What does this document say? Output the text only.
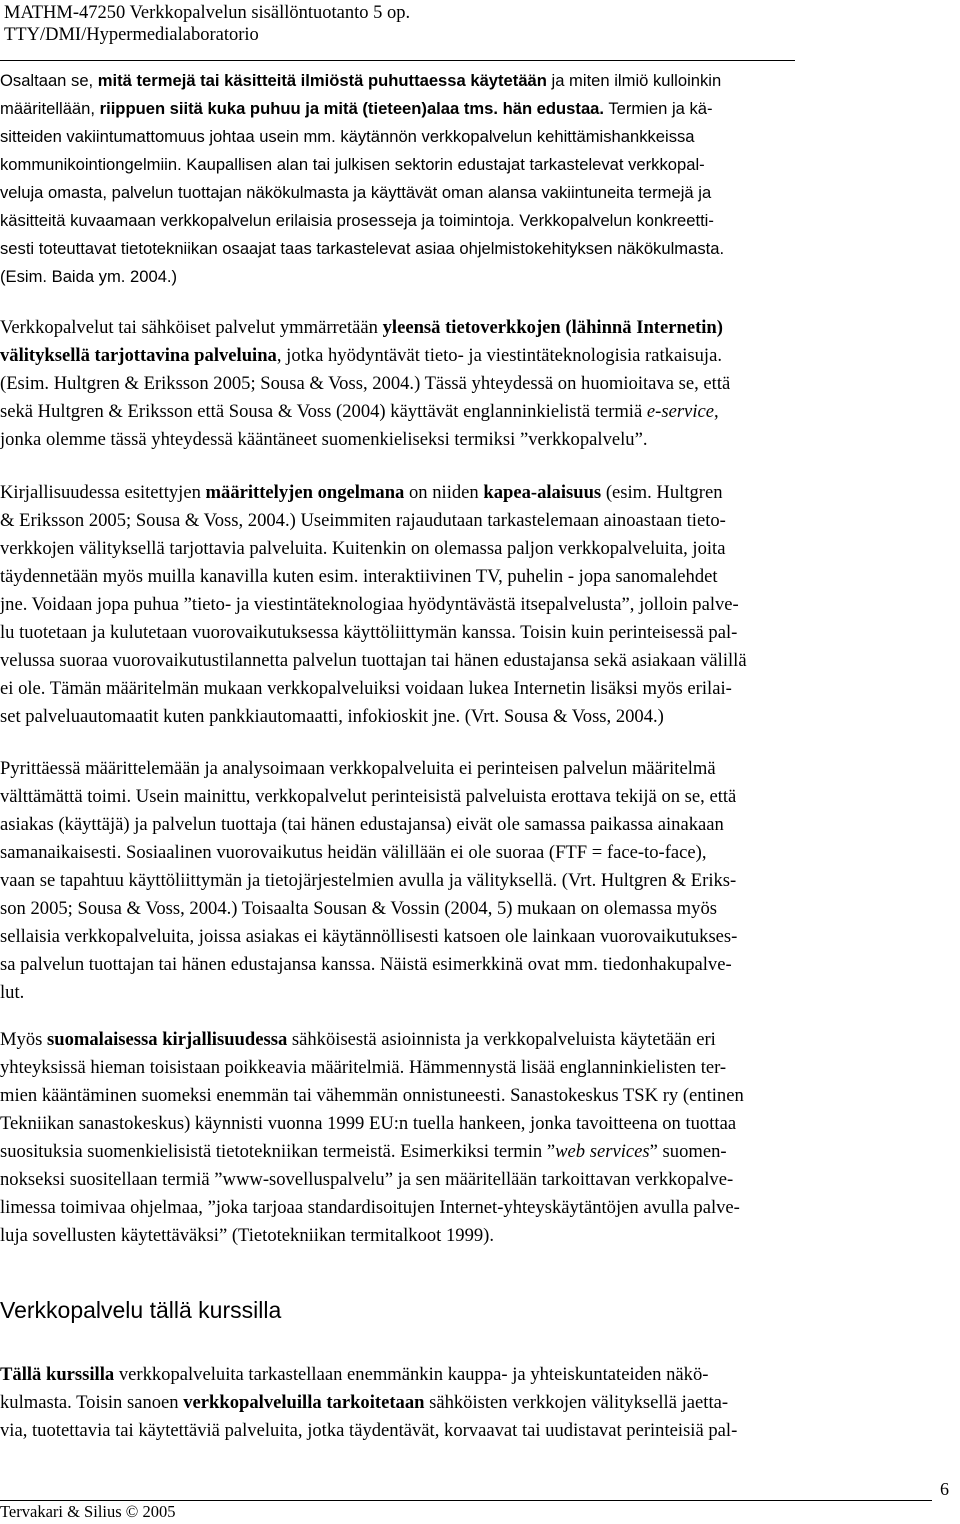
MATHM-47250 Verkkopalvelun sisällöntuotanto 5 op.
TTY/DMI/Hypermedialaboratorio
Osaltaan se, mitä termejä tai käsitteitä ilmiöstä puhuttaessa käytetään ja miten ilmiö kulloinkin
määritellään, riippuen siitä kuka puhuu ja mitä (tieteen)alaa tms. hän edustaa. Termien ja kä-
sitteiden vakiintumattomuus johtaa usein mm. käytännön verkkopalvelun kehittämishankkeissa
kommunikointiongelmiin. Kaupallisen alan tai julkisen sektorin edustajat tarkastelevat verkkopal-
veluja omasta, palvelun tuottajan näkökulmasta ja käyttävät oman alansa vakiintuneita termejä ja
käsitteitä kuvaamaan verkkopalvelun erilaisia prosesseja ja toimintoja. Verkkopalvelun konkreetti-
sesti toteuttavat tietotekniikan osaajat taas tarkastelevat asiaa ohjelmistokehityksen näkökulmasta.
(Esim. Baida ym. 2004.)
Verkkopalvelut tai sähköiset palvelut ymmärretään yleensä tietoverkkojen (lähinnä Internetin)
välityksellä tarjottavina palveluina, jotka hyödyntävät tieto- ja viestintäteknologisia ratkaisuja.
(Esim. Hultgren & Eriksson 2005; Sousa & Voss, 2004.) Tässä yhteydessä on huomioitava se, että
sekä Hultgren & Eriksson että Sousa & Voss (2004) käyttävät englanninkielistä termiä e-service,
jonka olemme tässä yhteydessä kääntäneet suomenkieliseksi termiksi ”verkkopalvelu”.
Kirjallisuudessa esitettyjen määrittelyjen ongelmana on niiden kapea-alaisuus (esim. Hultgren
& Eriksson 2005; Sousa & Voss, 2004.) Useimmiten rajaudutaan tarkastelemaan ainoastaan tieto-
verkkojen välityksellä tarjottavia palveluita. Kuitenkin on olemassa paljon verkkopalveluita, joita
täydennetään myös muilla kanavilla kuten esim. interaktiivinen TV, puhelin - jopa sanomalehdet
jne. Voidaan jopa puhua ”tieto- ja viestintäteknologiaa hyödyntävästä itsepalvelusta”, jolloin palve-
lu tuotetaan ja kulutetaan vuorovaikutuksessa käyttöliittymän kanssa. Toisin kuin perinteisessä pal-
velussa suoraa vuorovaikutustilannetta palvelun tuottajan tai hänen edustajansa sekä asiakaan välillä
ei ole. Tämän määritelmän mukaan verkkopalveluiksi voidaan lukea Internetin lisäksi myös erilai-
set palveluautomaatit kuten pankkiautomaatti, infokioskit jne. (Vrt. Sousa & Voss, 2004.)
Pyrittäessä määrittelemään ja analysoimaan verkkopalveluita ei perinteisen palvelun määritelmä
välttämättä toimi. Usein mainittu, verkkopalvelut perinteisistä palveluista erottava tekijä on se, että
asiakas (käyttäjä) ja palvelun tuottaja (tai hänen edustajansa) eivät ole samassa paikassa ainakaan
samanaikaisesti. Sosiaalinen vuorovaikutus heidän välillään ei ole suoraa (FTF = face-to-face),
vaan se tapahtuu käyttöliittymän ja tietojärjestelmien avulla ja välityksellä. (Vrt. Hultgren & Eriks-
son 2005; Sousa & Voss, 2004.) Toisaalta Sousan & Vossin (2004, 5) mukaan on olemassa myös
sellaisia verkkopalveluita, joissa asiakas ei käytännöllisesti katsoen ole lainkaan vuorovaikutukses-
sa palvelun tuottajan tai hänen edustajansa kanssa. Näistä esimerkkinä ovat mm. tiedonhakupalve-
lut.
Myös suomalaisessa kirjallisuudessa sähköisestä asioinnista ja verkkopalveluista käytetään eri
yhteyksissä hieman toisistaan poikkeavia määritelmiä. Hämmennystä lisää englanninkielisten ter-
mien kääntäminen suomeksi enemmän tai vähemmän onnistuneesti. Sanastokeskus TSK ry (entinen
Tekniikan sanastokeskus) käynnisti vuonna 1999 EU:n tuella hankeen, jonka tavoitteena on tuottaa
suosituksia suomenkielisistä tietotekniikan termeistä. Esimerkiksi termin ”web services” suomen-
nokseksi suositellaan termiä ”www-sovelluspalvelu” ja sen määritellään tarkoittavan verkkopalve-
limessa toimivaa ohjelmaa, ”joka tarjoaa standardisoitujen Internet-yhteyskäytäntöjen avulla palve-
luja sovellusten käytettäväksi” (Tietotekniikan termitalkoot 1999).
Verkkopalvelu tällä kurssilla
Tällä kurssilla verkkopalveluita tarkastellaan enemmänkin kauppa- ja yhteiskuntateiden näkö-
kulmasta. Toisin sanoen verkkopalveluilla tarkoitetaan sähköisten verkkojen välityksellä jaetta-
via, tuotettavia tai käytettäviä palveluita, jotka täydentävät, korvaavat tai uudistavat perinteisiä pal-
Tervakari & Silius © 2005
6
